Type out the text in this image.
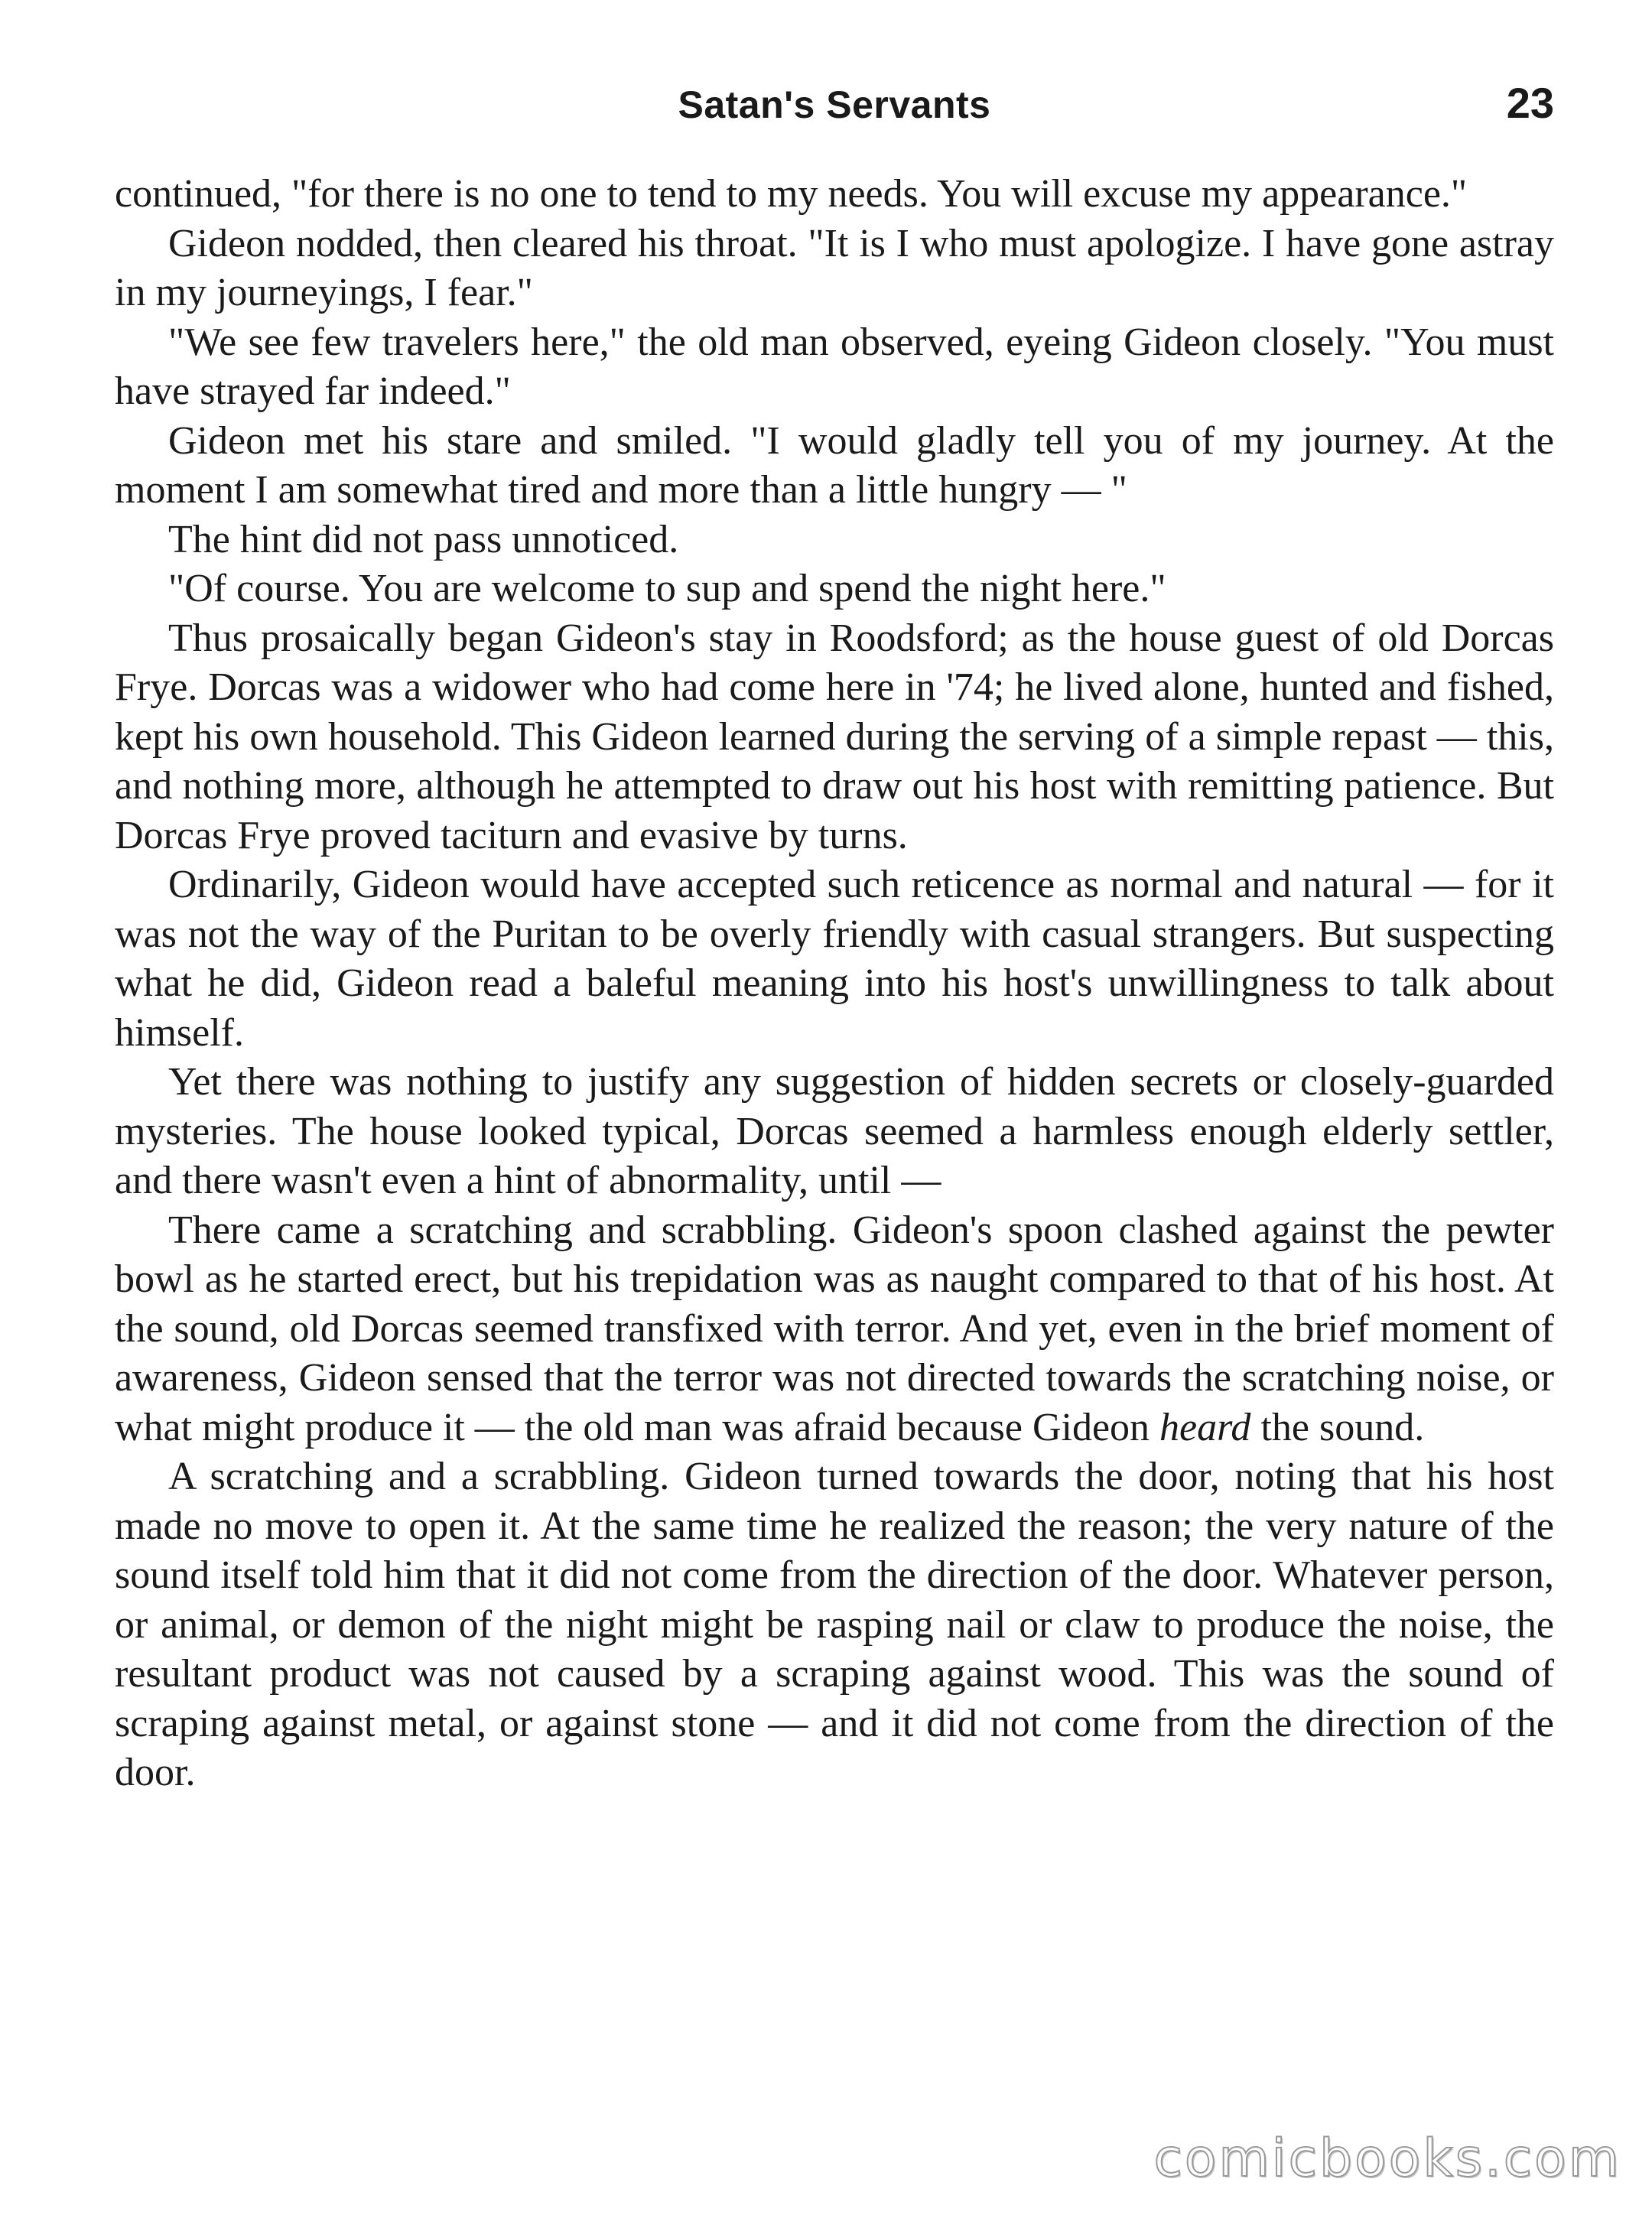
Satan's Servants	23

continued, "for there is no one to tend to my needs. You will excuse my appearance."

Gideon nodded, then cleared his throat. "It is I who must apologize. I have gone astray in my journeyings, I fear."

"We see few travelers here," the old man observed, eyeing Gideon closely. "You must have strayed far indeed."

Gideon met his stare and smiled. "I would gladly tell you of my journey. At the moment I am somewhat tired and more than a little hungry — "

The hint did not pass unnoticed.

"Of course. You are welcome to sup and spend the night here."

Thus prosaically began Gideon's stay in Roodsford; as the house guest of old Dorcas Frye. Dorcas was a widower who had come here in '74; he lived alone, hunted and fished, kept his own household. This Gideon learned during the serving of a simple repast — this, and nothing more, although he attempted to draw out his host with remitting patience. But Dorcas Frye proved taciturn and evasive by turns.

Ordinarily, Gideon would have accepted such reticence as normal and natural — for it was not the way of the Puritan to be overly friendly with casual strangers. But suspecting what he did, Gideon read a baleful meaning into his host's unwillingness to talk about himself.

Yet there was nothing to justify any suggestion of hidden secrets or closely-guarded mysteries. The house looked typical, Dorcas seemed a harmless enough elderly settler, and there wasn't even a hint of abnormality, until —

There came a scratching and scrabbling. Gideon's spoon clashed against the pewter bowl as he started erect, but his trepidation was as naught compared to that of his host. At the sound, old Dorcas seemed transfixed with terror. And yet, even in the brief moment of awareness, Gideon sensed that the terror was not directed towards the scratching noise, or what might produce it — the old man was afraid because Gideon heard the sound.

A scratching and a scrabbling. Gideon turned towards the door, noting that his host made no move to open it. At the same time he realized the reason; the very nature of the sound itself told him that it did not come from the direction of the door. Whatever person, or animal, or demon of the night might be rasping nail or claw to produce the noise, the resultant product was not caused by a scraping against wood. This was the sound of scraping against metal, or against stone — and it did not come from the direction of the door.

comicbooks.com
